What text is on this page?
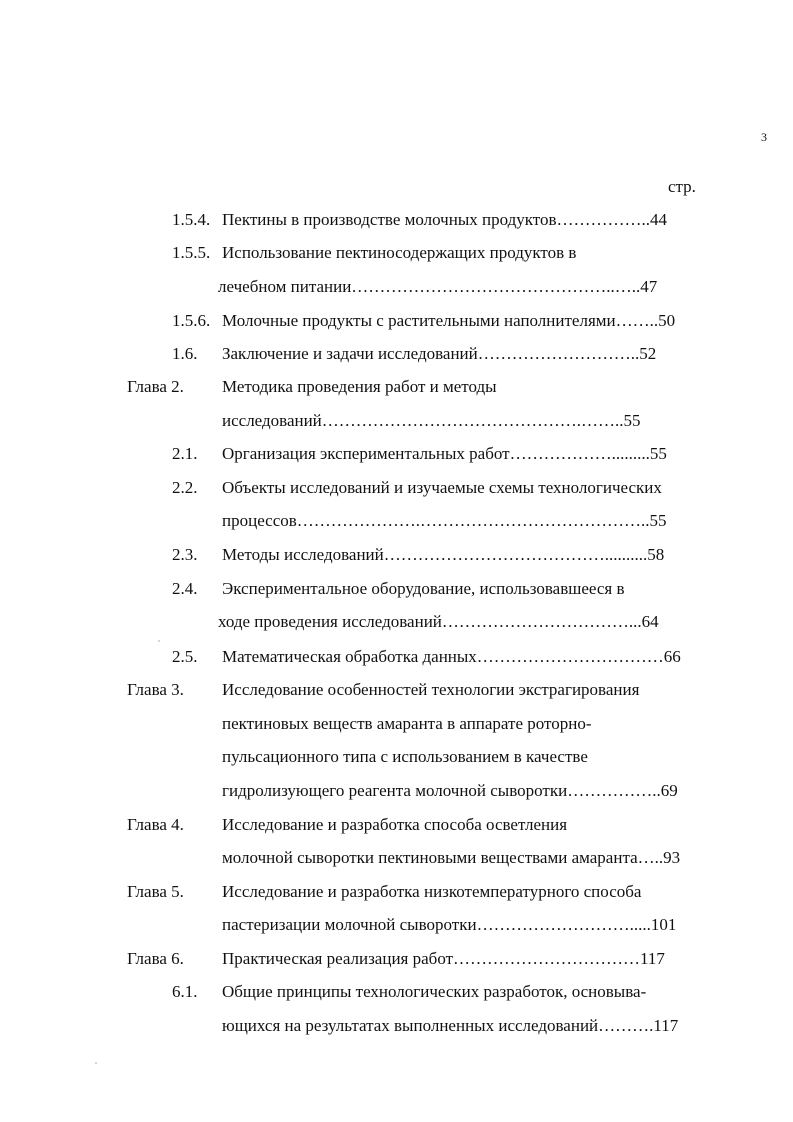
3
стр.
1.5.4. Пектины в производстве молочных продуктов……………..44
1.5.5. Использование пектиносодержащих продуктов в
лечебном питании………………………………………..…..47
1.5.6. Молочные продукты с растительными наполнителями……..50
1.6. Заключение и задачи исследований………………………..52
Глава 2. Методика проведения работ и методы
исследований……………………………………….……..55
2.1. Организация экспериментальных работ……………….........55
2.2. Объекты исследований и изучаемые схемы технологических
процессов………………….…………………………………..55
2.3. Методы исследований…………………………………..........58
2.4. Экспериментальное оборудование, использовавшееся в
ходе проведения исследований……………………………...64
2.5. Математическая обработка данных……………………………66
Глава 3. Исследование особенностей технологии экстрагирования
пектиновых веществ амаранта в аппарате роторно-
пульсационного типа с использованием в качестве
гидролизующего реагента молочной сыворотки……………..69
Глава 4. Исследование и разработка способа осветления
молочной сыворотки пектиновыми веществами амаранта…..93
Глава 5. Исследование и разработка низкотемпературного способа
пастеризации молочной сыворотки……………………….....101
Глава 6. Практическая реализация работ……………………………117
6.1. Общие принципы технологических разработок, основыва-
ющихся на результатах выполненных исследований……….117
